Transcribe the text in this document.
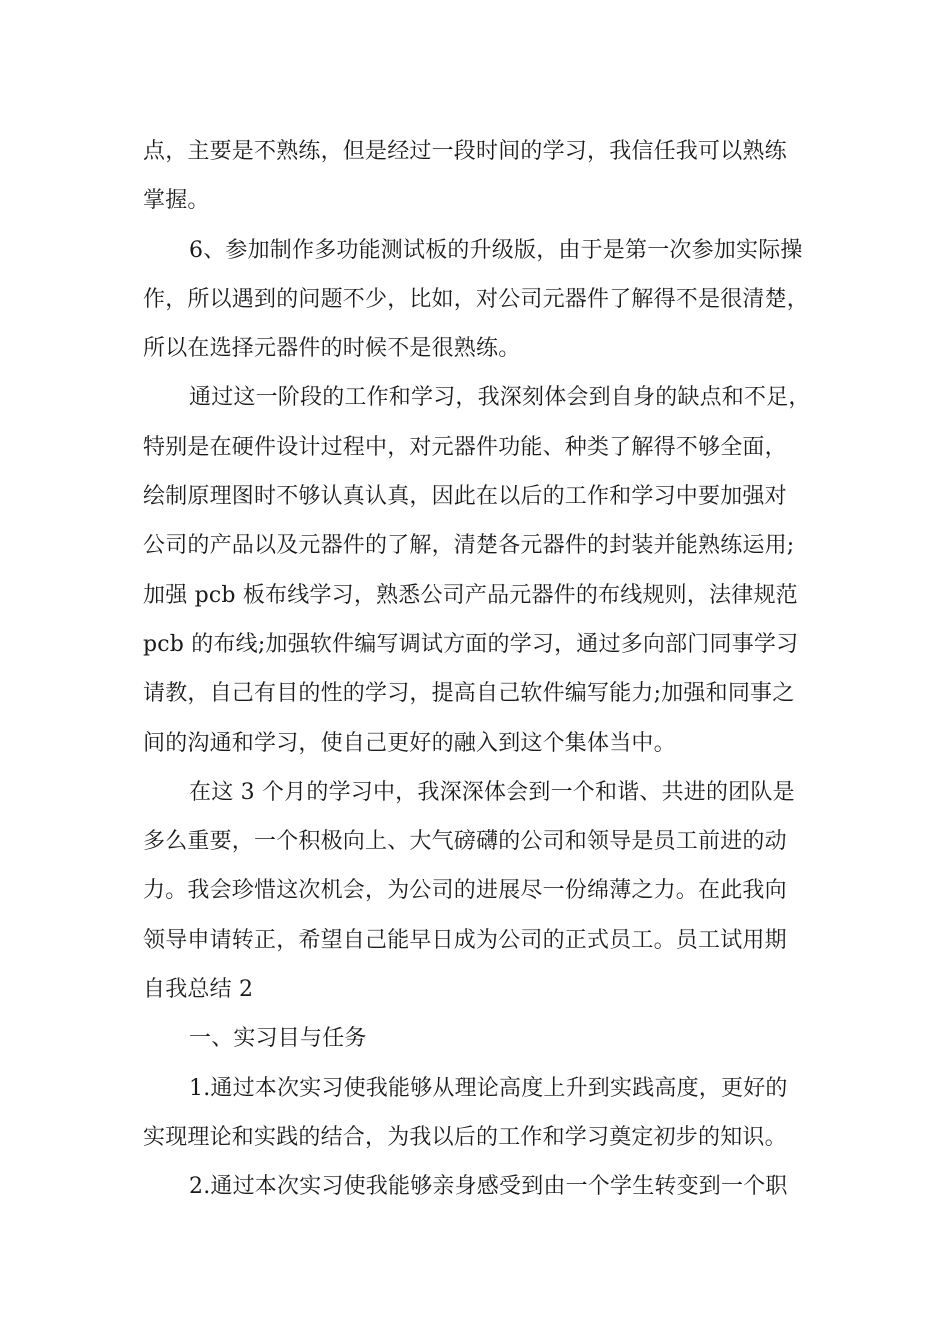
点，主要是不熟练，但是经过一段时间的学习，我信任我可以熟练
掌握。
6、参加制作多功能测试板的升级版，由于是第一次参加实际操
作，所以遇到的问题不少，比如，对公司元器件了解得不是很清楚，
所以在选择元器件的时候不是很熟练。
通过这一阶段的工作和学习，我深刻体会到自身的缺点和不足，
特别是在硬件设计过程中，对元器件功能、种类了解得不够全面，
绘制原理图时不够认真认真，因此在以后的工作和学习中要加强对
公司的产品以及元器件的了解，清楚各元器件的封装并能熟练运用;
加强 pcb 板布线学习，熟悉公司产品元器件的布线规则，法律规范
pcb 的布线;加强软件编写调试方面的学习，通过多向部门同事学习
请教，自己有目的性的学习，提高自己软件编写能力;加强和同事之
间的沟通和学习，使自己更好的融入到这个集体当中。
在这 3 个月的学习中，我深深体会到一个和谐、共进的团队是
多么重要，一个积极向上、大气磅礴的公司和领导是员工前进的动
力。我会珍惜这次机会，为公司的进展尽一份绵薄之力。在此我向
领导申请转正，希望自己能早日成为公司的正式员工。员工试用期
自我总结 2
一、实习目与任务
1.通过本次实习使我能够从理论高度上升到实践高度，更好的
实现理论和实践的结合，为我以后的工作和学习奠定初步的知识。
2.通过本次实习使我能够亲身感受到由一个学生转变到一个职
